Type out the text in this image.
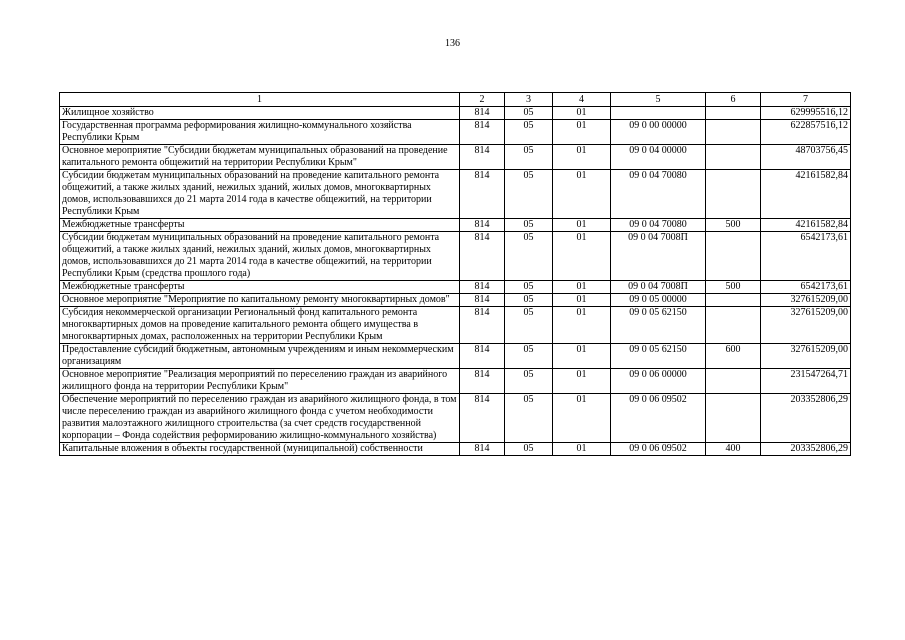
136
1	2	3	4	5	6	7
Жилищное хозяйство	814	05	01			629995516,12
Государственная программа реформирования жилищно-коммунального хозяйства Республики Крым	814	05	01	09 0 00 00000		622857516,12
Основное мероприятие "Субсидии бюджетам муниципальных образований на проведение капитального ремонта общежитий на территории Республики Крым"	814	05	01	09 0 04 00000		48703756,45
Субсидии бюджетам муниципальных образований на проведение капитального ремонта общежитий, а также жилых зданий, нежилых зданий, жилых домов, многоквартирных домов, использовавшихся до 21 марта 2014 года в качестве общежитий, на территории Республики Крым	814	05	01	09 0 04 70080		42161582,84
Межбюджетные трансферты	814	05	01	09 0 04 70080	500	42161582,84
Субсидии бюджетам муниципальных образований на проведение капитального ремонта общежитий, а также жилых зданий, нежилых зданий, жилых домов, многоквартирных домов, использовавшихся до 21 марта 2014 года в качестве общежитий, на территории Республики Крым (средства прошлого года)	814	05	01	09 0 04 7008П		6542173,61
Межбюджетные трансферты	814	05	01	09 0 04 7008П	500	6542173,61
Основное мероприятие "Мероприятие по капитальному ремонту многоквартирных домов"	814	05	01	09 0 05 00000		327615209,00
Субсидия некоммерческой организации Региональный фонд капитального ремонта многоквартирных домов на проведение капитального ремонта общего имущества в многоквартирных домах, расположенных на территории Республики Крым	814	05	01	09 0 05 62150		327615209,00
Предоставление субсидий бюджетным, автономным учреждениям и иным некоммерческим организациям	814	05	01	09 0 05 62150	600	327615209,00
Основное мероприятие "Реализация мероприятий по переселению граждан из аварийного жилищного фонда на территории Республики Крым"	814	05	01	09 0 06 00000		231547264,71
Обеспечение мероприятий по переселению граждан из аварийного жилищного фонда, в том числе переселению граждан из аварийного жилищного фонда с учетом необходимости развития малоэтажного жилищного строительства (за счет средств государственной корпорации – Фонда содействия реформированию жилищно-коммунального хозяйства)	814	05	01	09 0 06 09502		203352806,29
Капитальные вложения в объекты государственной (муниципальной) собственности	814	05	01	09 0 06 09502	400	203352806,29
